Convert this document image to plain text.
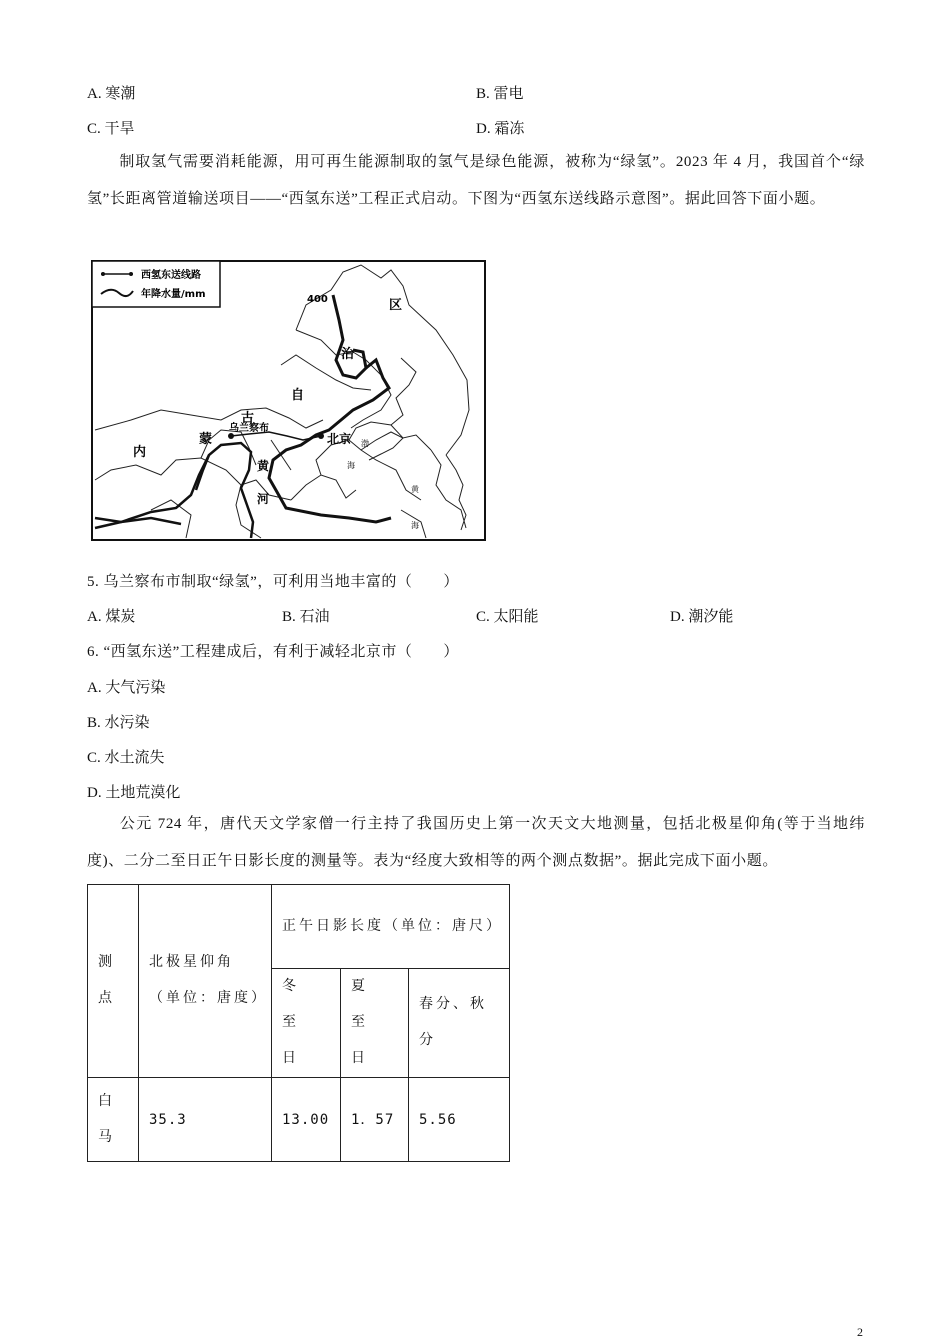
A. 寒潮	B. 雷电
C. 干旱	D. 霜冻
制取氢气需要消耗能源，用可再生能源制取的氢气是绿色能源，被称为“绿氢”。2023 年 4 月，我国首个“绿氢”长距离管道输送项目——“西氢东送”工程正式启动。下图为“西氢东送线路示意图”。据此回答下面小题。
西氢东送线路
年降水量/mm	400
乌兰察布
北京
内
蒙
古
自
治
区
黄
河
渤
海
黄
海
5. 乌兰察布市制取“绿氢”，可利用当地丰富的（　　）
A. 煤炭	B. 石油	C. 太阳能	D. 潮汐能
6. “西氢东送”工程建成后，有利于减轻北京市（　　）
A. 大气污染
B. 水污染
C. 水土流失
D. 土地荒漠化
公元 724 年，唐代天文学家僧一行主持了我国历史上第一次天文大地测量，包括北极星仰角(等于当地纬度)、二分二至日正午日影长度的测量等。表为“经度大致相等的两个测点数据”。据此完成下面小题。
测点	北极星仰角（单位：唐度）	正午日影长度（单位：唐尺）		

		冬至日	夏至日	春分、秋分

白马	35.3	13.00	1．57	5.56
2
